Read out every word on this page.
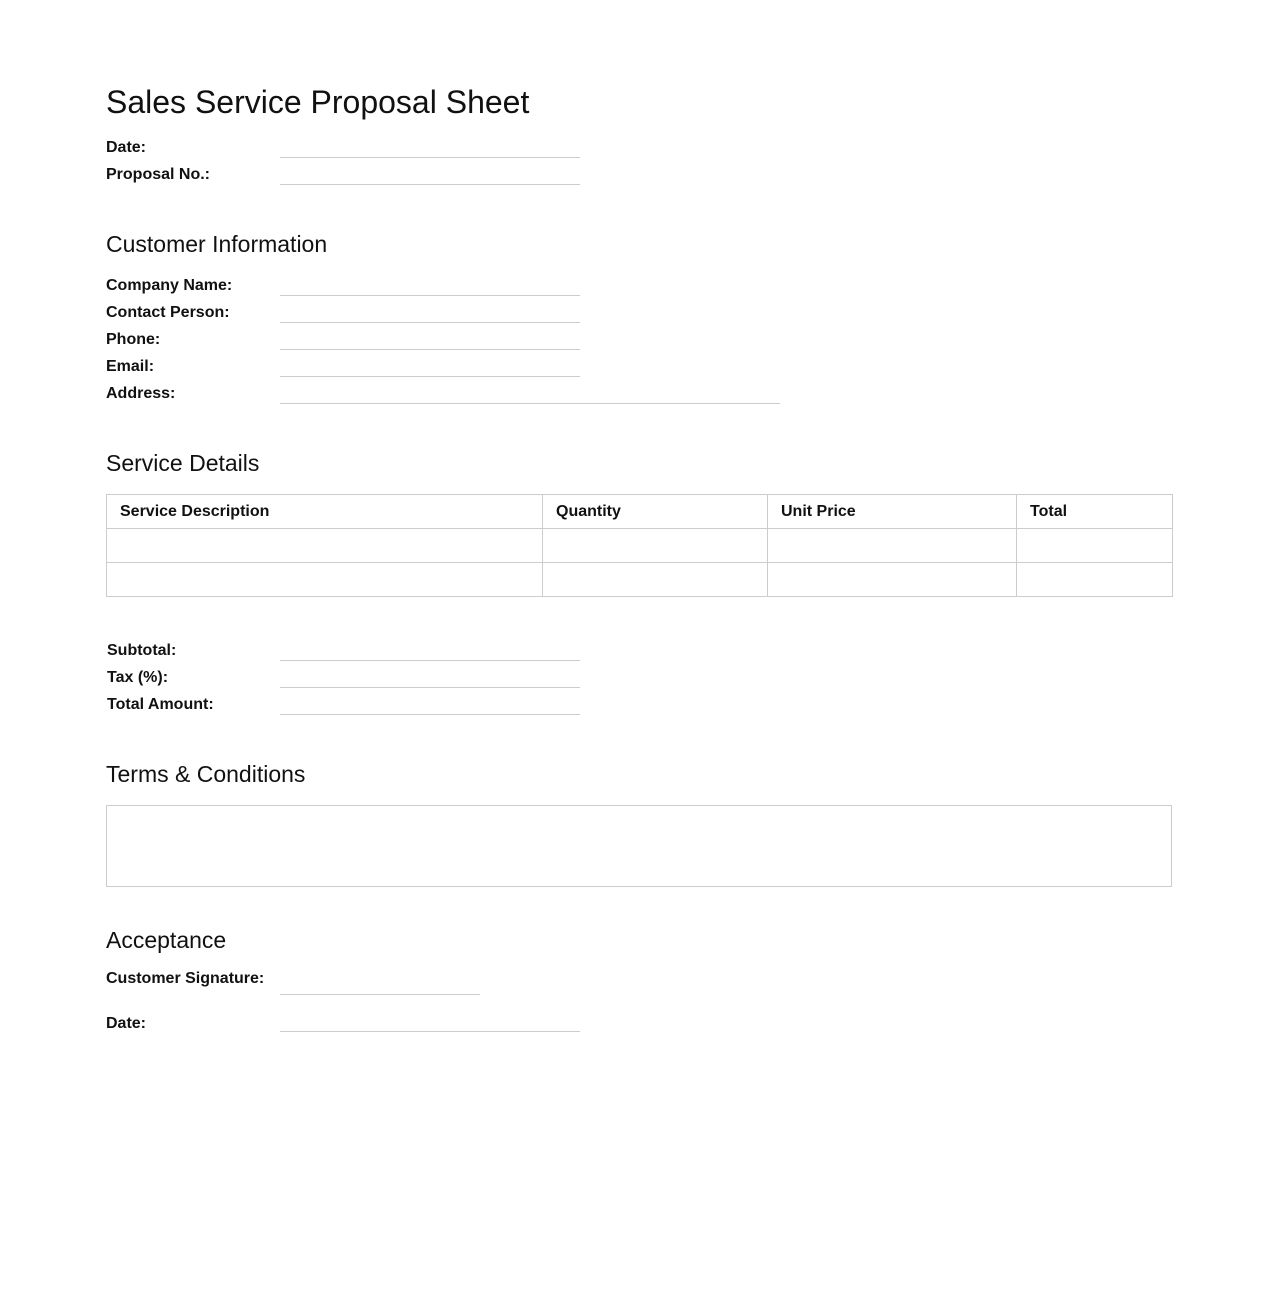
Sales Service Proposal Sheet
Date:
Proposal No.:
Customer Information
Company Name:
Contact Person:
Phone:
Email:
Address:
Service Details
Service Description	Quantity	Unit Price	Total

Subtotal:
Tax (%):
Total Amount:
Terms & Conditions
Acceptance
Customer Signature:
Date:
